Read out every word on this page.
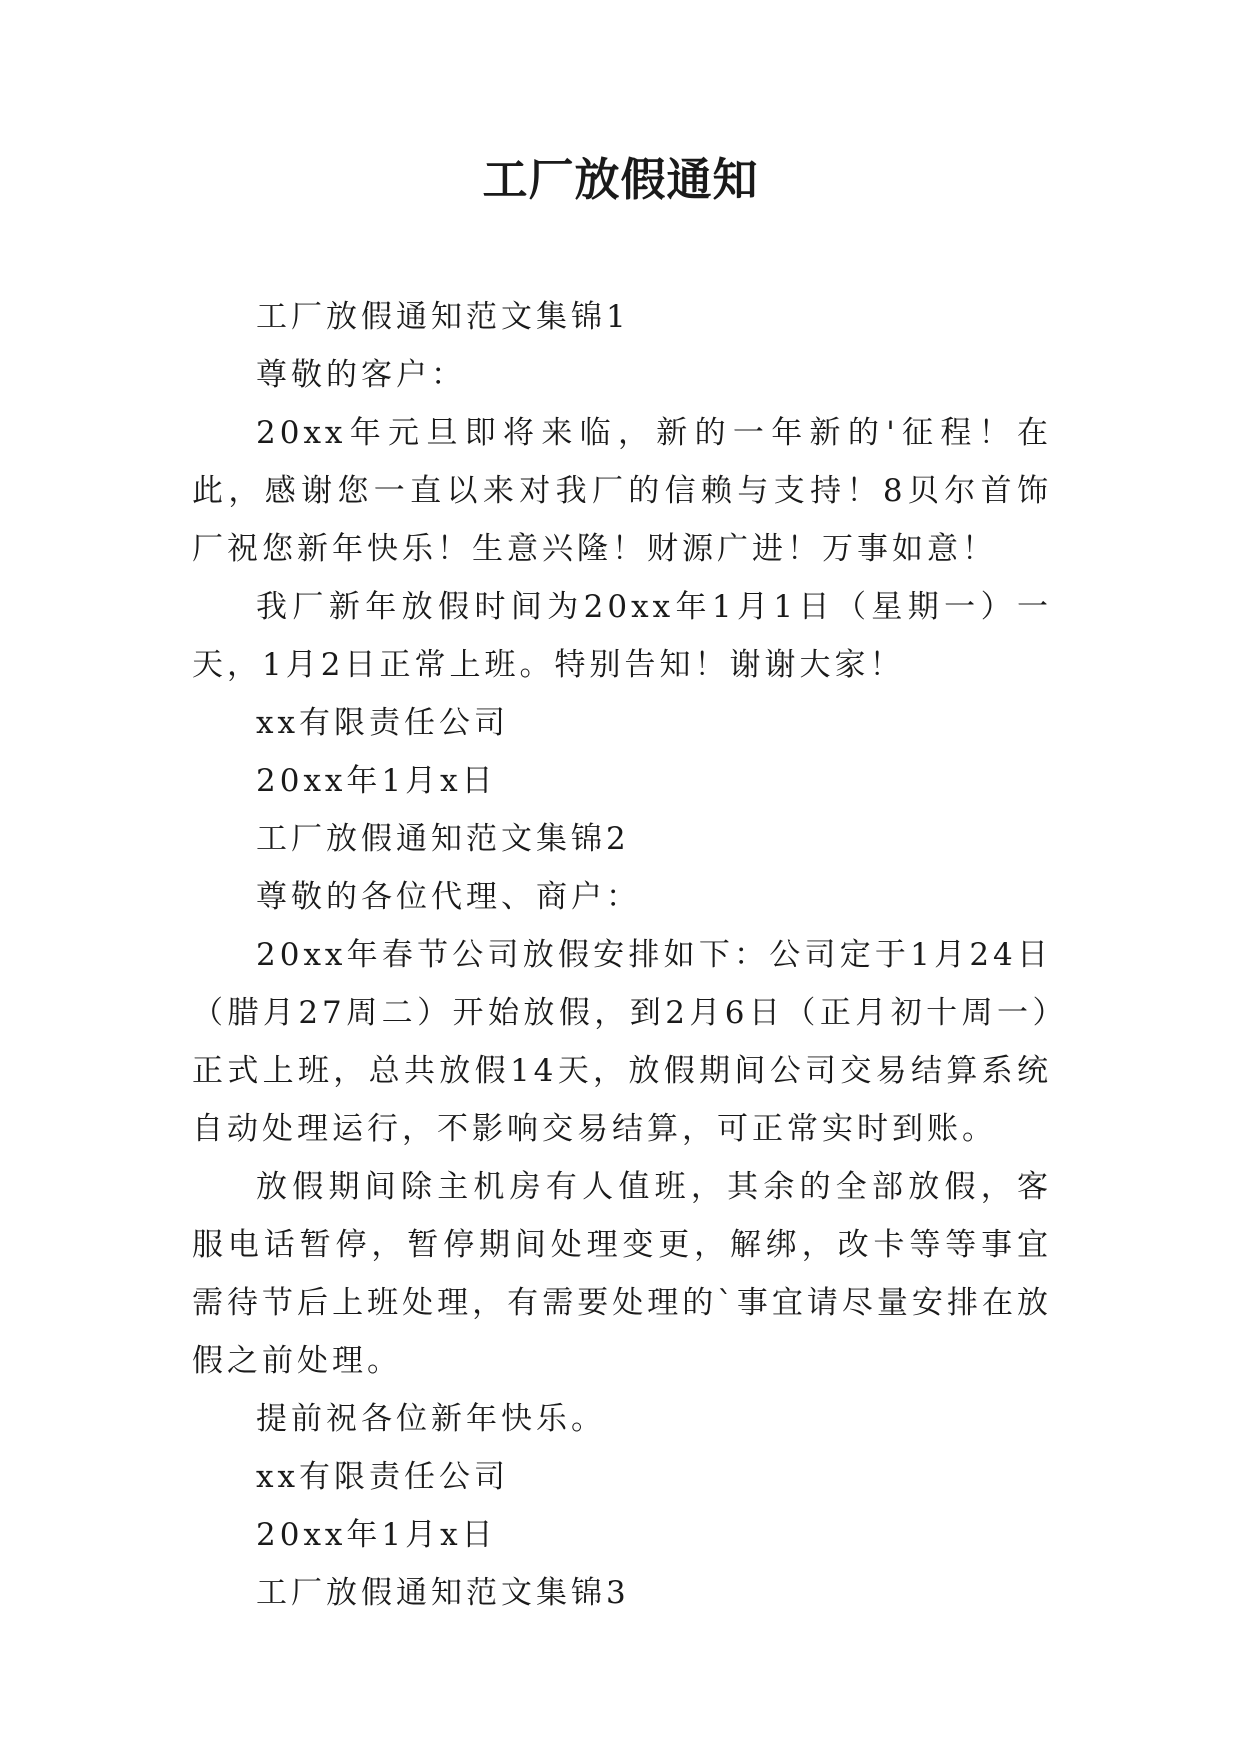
工厂放假通知

工厂放假通知范文集锦1

尊敬的客户：

20xx年元旦即将来临，新的一年新的'征程！在此，感谢您一直以来对我厂的信赖与支持！8贝尔首饰厂祝您新年快乐！生意兴隆！财源广进！万事如意！

我厂新年放假时间为20xx年1月1日（星期一）一天，1月2日正常上班。特别告知！谢谢大家！

xx有限责任公司

20xx年1月x日

工厂放假通知范文集锦2

尊敬的各位代理、商户：

20xx年春节公司放假安排如下：公司定于1月24日（腊月27周二）开始放假，到2月6日（正月初十周一）正式上班，总共放假14天，放假期间公司交易结算系统自动处理运行，不影响交易结算，可正常实时到账。

放假期间除主机房有人值班，其余的全部放假，客服电话暂停，暂停期间处理变更，解绑，改卡等等事宜需待节后上班处理，有需要处理的`事宜请尽量安排在放假之前处理。

提前祝各位新年快乐。

xx有限责任公司

20xx年1月x日

工厂放假通知范文集锦3
